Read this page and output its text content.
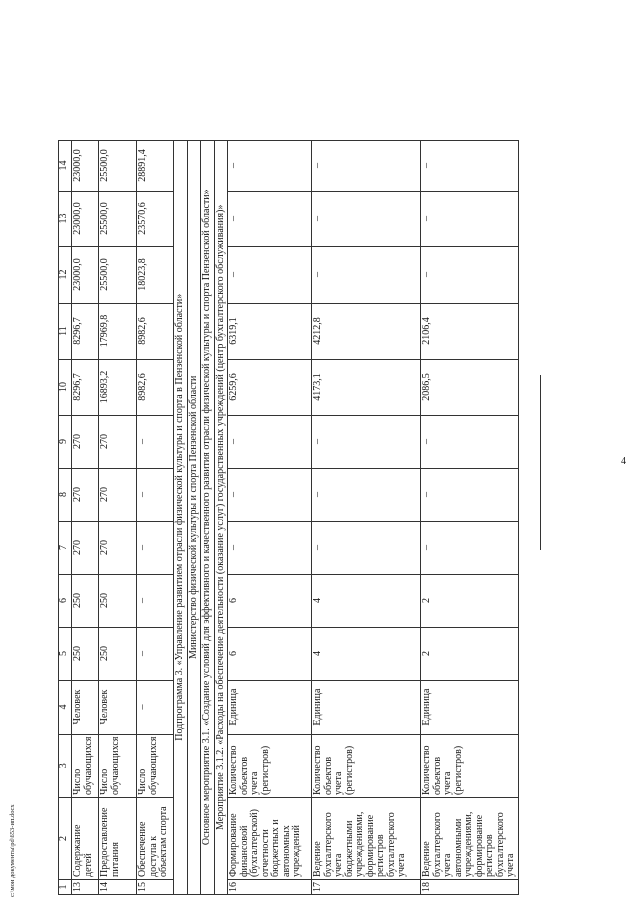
4
c:\мои документы\pd\653-ип.docx	1	2	3	4	5	6	7	8	9	10	11	12	13	14
13	Содержание детей	Число обучающихся	Человек	250	250	270	270	270	8296,7	8296,7	23000,0	23000,0	23000,0
14	Предоставление питания	Число обучающихся	Человек	250	250	270	270	270	16893,2	17969,8	25500,0	25500,0	25500,0
15	Обеспечение доступа к объектам спорта	Число обучающихся	–	–	–	–	–	–	8982,6	8982,6	18023,8	23570,6	28891,4
Подпрограмма 3. «Управление развитием отрасли физической культуры и спорта в Пензенской области»													
Министерство физической культуры и спорта Пензенской области													
Основное мероприятие 3.1. «Создание условий для эффективного и качественного развития отрасли физической культуры и спорта Пензенской области»													
Мероприятие 3.1.2. «Расходы на обеспечение деятельности (оказание услуг) государственных учреждений (центр бухгалтерского обслуживания)»													
16	Формирование финансовой (бухгалтерской) отчетности бюджетных и автономных учреждений	Количество объектов учета (регистров)	Единица	6	6	–	–	–	6259,6	6319,1	–	–	–
17	Ведение бухгалтерского учета бюджетными учреждениями, формирование регистров бухгалтерского учета	Количество объектов учета (регистров)	Единица	4	4	–	–	–	4173,1	4212,8	–	–	–
18	Ведение бухгалтерского учета автономными учреждениями, формирование регистров бухгалтерского учета	Количество объектов учета (регистров)	Единица	2	2	–	–	–	2086,5	2106,4	–	–	–
